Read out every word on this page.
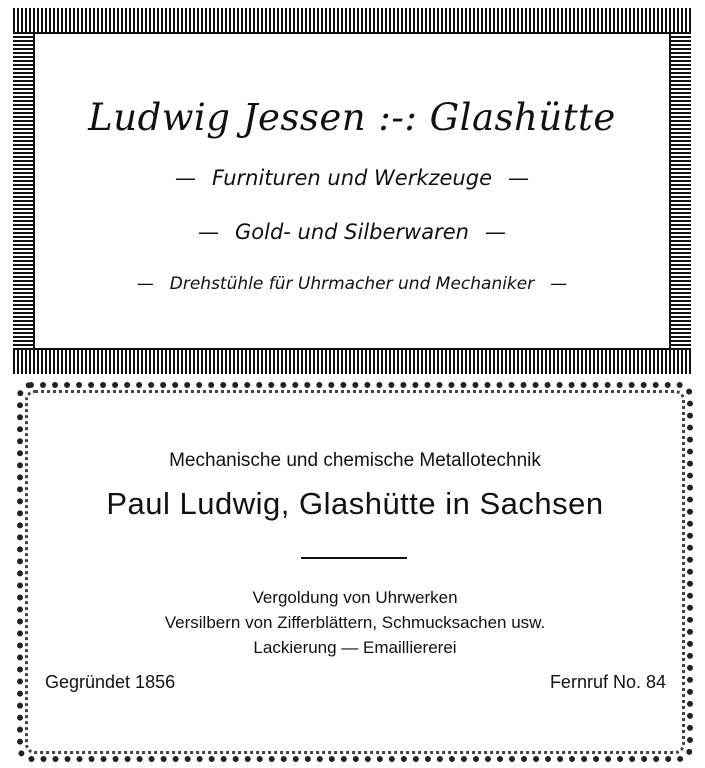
Ludwig Jessen :-: Glashütte
— Furnituren und Werkzeuge —
— Gold- und Silberwaren —
— Drehstühle für Uhrmacher und Mechaniker —
Mechanische und chemische Metallotechnik
Paul Ludwig, Glashütte in Sachsen
Vergoldung von Uhrwerken
Versilbern von Zifferblättern, Schmucksachen usw.
Lackierung — Emailliererei
Gegründet 1856	Fernruf No. 84
